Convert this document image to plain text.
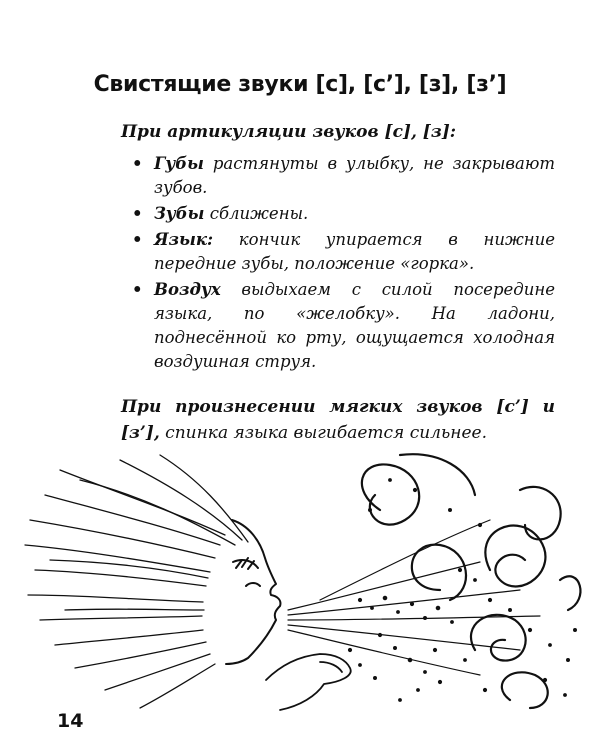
Свистящие звуки [с], [с’], [з], [з’]
При артикуляции звуков [с], [з]:
• Губы растянуты в улыбку, не закрывают зубов.
• Зубы сближены.
• Язык: кончик упирается в нижние передние зубы, положение «горка».
• Воздух выдыхаем с силой посередине языка, по «желобку». На ладони, поднесённой ко рту, ощущается холодная воздушная струя.
При произнесении мягких звуков [с’] и [з’], спинка языка выгибается сильнее.
14
